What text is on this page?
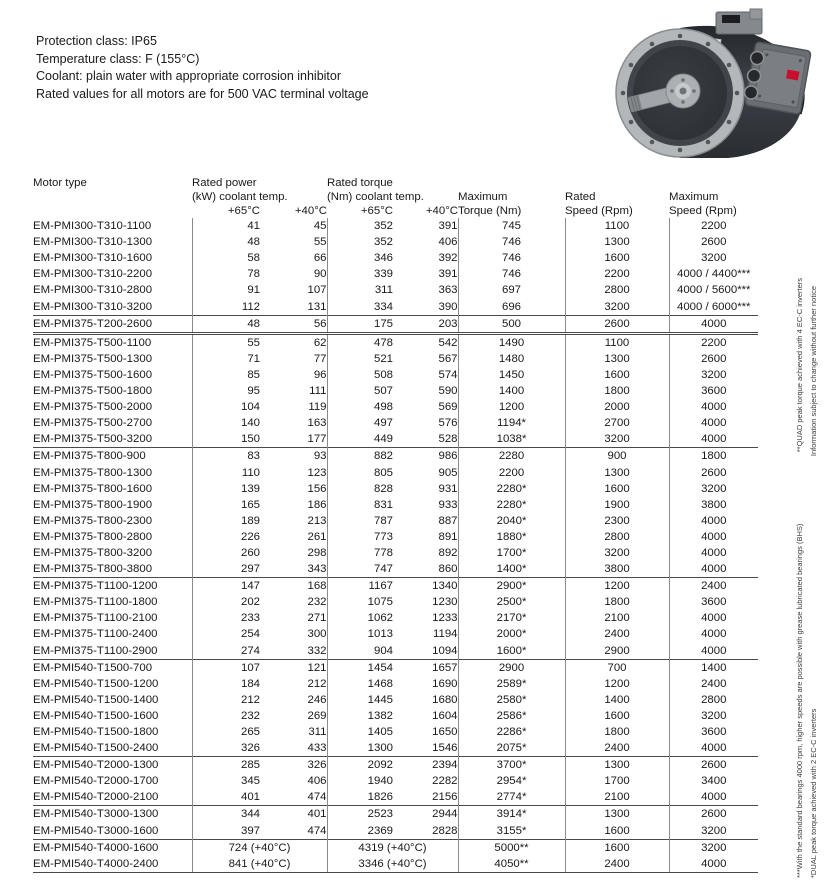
Protection class: IP65
Temperature class: F (155°C)
Coolant: plain water with appropriate corrosion inhibitor
Rated values for all motors are for 500 VAC terminal voltage
Motor type	Rated power		Rated torque				
	(kW) coolant temp.		(Nm) coolant temp.		Maximum	Rated	Maximum
	+65°C	+40°C	+65°C	+40°C	Torque (Nm)	Speed (Rpm)	Speed (Rpm)
EM-PMI300-T310-1100	41	45	352	391	745	1100	2200
EM-PMI300-T310-1300	48	55	352	406	746	1300	2600
EM-PMI300-T310-1600	58	66	346	392	746	1600	3200
EM-PMI300-T310-2200	78	90	339	391	746	2200	4000 / 4400***
EM-PMI300-T310-2800	91	107	311	363	697	2800	4000 / 5600***
EM-PMI300-T310-3200	112	131	334	390	696	3200	4000 / 6000***
EM-PMI375-T200-2600	48	56	175	203	500	2600	4000
EM-PMI375-T500-1100	55	62	478	542	1490	1100	2200
EM-PMI375-T500-1300	71	77	521	567	1480	1300	2600
EM-PMI375-T500-1600	85	96	508	574	1450	1600	3200
EM-PMI375-T500-1800	95	111	507	590	1400	1800	3600
EM-PMI375-T500-2000	104	119	498	569	1200	2000	4000
EM-PMI375-T500-2700	140	163	497	576	1194*	2700	4000
EM-PMI375-T500-3200	150	177	449	528	1038*	3200	4000
EM-PMI375-T800-900	83	93	882	986	2280	900	1800
EM-PMI375-T800-1300	110	123	805	905	2200	1300	2600
EM-PMI375-T800-1600	139	156	828	931	2280*	1600	3200
EM-PMI375-T800-1900	165	186	831	933	2280*	1900	3800
EM-PMI375-T800-2300	189	213	787	887	2040*	2300	4000
EM-PMI375-T800-2800	226	261	773	891	1880*	2800	4000
EM-PMI375-T800-3200	260	298	778	892	1700*	3200	4000
EM-PMI375-T800-3800	297	343	747	860	1400*	3800	4000
EM-PMI375-T1100-1200	147	168	1167	1340	2900*	1200	2400
EM-PMI375-T1100-1800	202	232	1075	1230	2500*	1800	3600
EM-PMI375-T1100-2100	233	271	1062	1233	2170*	2100	4000
EM-PMI375-T1100-2400	254	300	1013	1194	2000*	2400	4000
EM-PMI375-T1100-2900	274	332	904	1094	1600*	2900	4000
EM-PMI540-T1500-700	107	121	1454	1657	2900	700	1400
EM-PMI540-T1500-1200	184	212	1468	1690	2589*	1200	2400
EM-PMI540-T1500-1400	212	246	1445	1680	2580*	1400	2800
EM-PMI540-T1500-1600	232	269	1382	1604	2586*	1600	3200
EM-PMI540-T1500-1800	265	311	1405	1650	2286*	1800	3600
EM-PMI540-T1500-2400	326	433	1300	1546	2075*	2400	4000
EM-PMI540-T2000-1300	285	326	2092	2394	3700*	1300	2600
EM-PMI540-T2000-1700	345	406	1940	2282	2954*	1700	3400
EM-PMI540-T2000-2100	401	474	1826	2156	2774*	2100	4000
EM-PMI540-T3000-1300	344	401	2523	2944	3914*	1300	2600
EM-PMI540-T3000-1600	397	474	2369	2828	3155*	1600	3200
EM-PMI540-T4000-1600	724 (+40°C)		4319 (+40°C)		5000**	1600	3200
EM-PMI540-T4000-2400	841 (+40°C)		3346 (+40°C)		4050**	2400	4000	***With the standard bearings 4000 rpm, higher speeds are possible with grease lubricated bearings (BHS)
**QUAD peak torque achieved with 4 EC-C inverters
*DUAL peak torque achieved with 2 EC-C inverters
Information subject to change without further notice
